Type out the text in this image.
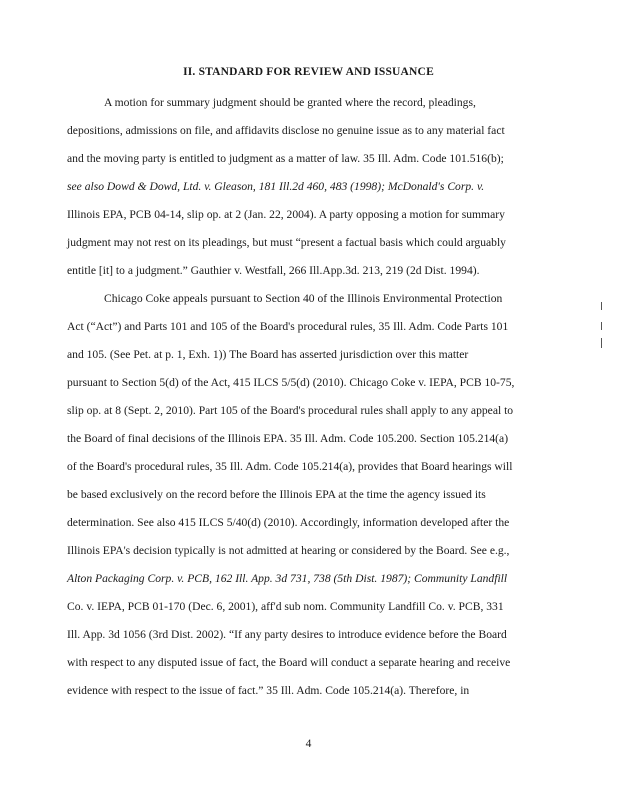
II. STANDARD FOR REVIEW AND ISSUANCE
A motion for summary judgment should be granted where the record, pleadings,
depositions, admissions on file, and affidavits disclose no genuine issue as to any material fact
and the moving party is entitled to judgment as a matter of law. 35 Ill. Adm. Code 101.516(b);
see also Dowd & Dowd, Ltd. v. Gleason, 181 Ill.2d 460, 483 (1998); McDonald's Corp. v.
Illinois EPA, PCB 04-14, slip op. at 2 (Jan. 22, 2004). A party opposing a motion for summary
judgment may not rest on its pleadings, but must “present a factual basis which could arguably
entitle [it] to a judgment.” Gauthier v. Westfall, 266 Ill.App.3d. 213, 219 (2d Dist. 1994).
Chicago Coke appeals pursuant to Section 40 of the Illinois Environmental Protection
Act (“Act”) and Parts 101 and 105 of the Board's procedural rules, 35 Ill. Adm. Code Parts 101
and 105. (See Pet. at p. 1, Exh. 1)) The Board has asserted jurisdiction over this matter
pursuant to Section 5(d) of the Act, 415 ILCS 5/5(d) (2010). Chicago Coke v. IEPA, PCB 10-75,
slip op. at 8 (Sept. 2, 2010). Part 105 of the Board's procedural rules shall apply to any appeal to
the Board of final decisions of the Illinois EPA. 35 Ill. Adm. Code 105.200. Section 105.214(a)
of the Board's procedural rules, 35 Ill. Adm. Code 105.214(a), provides that Board hearings will
be based exclusively on the record before the Illinois EPA at the time the agency issued its
determination. See also 415 ILCS 5/40(d) (2010). Accordingly, information developed after the
Illinois EPA's decision typically is not admitted at hearing or considered by the Board. See e.g.,
Alton Packaging Corp. v. PCB, 162 Ill. App. 3d 731, 738 (5th Dist. 1987); Community Landfill
Co. v. IEPA, PCB 01-170 (Dec. 6, 2001), aff'd sub nom. Community Landfill Co. v. PCB, 331
Ill. App. 3d 1056 (3rd Dist. 2002). “If any party desires to introduce evidence before the Board
with respect to any disputed issue of fact, the Board will conduct a separate hearing and receive
evidence with respect to the issue of fact.” 35 Ill. Adm. Code 105.214(a). Therefore, in
4
